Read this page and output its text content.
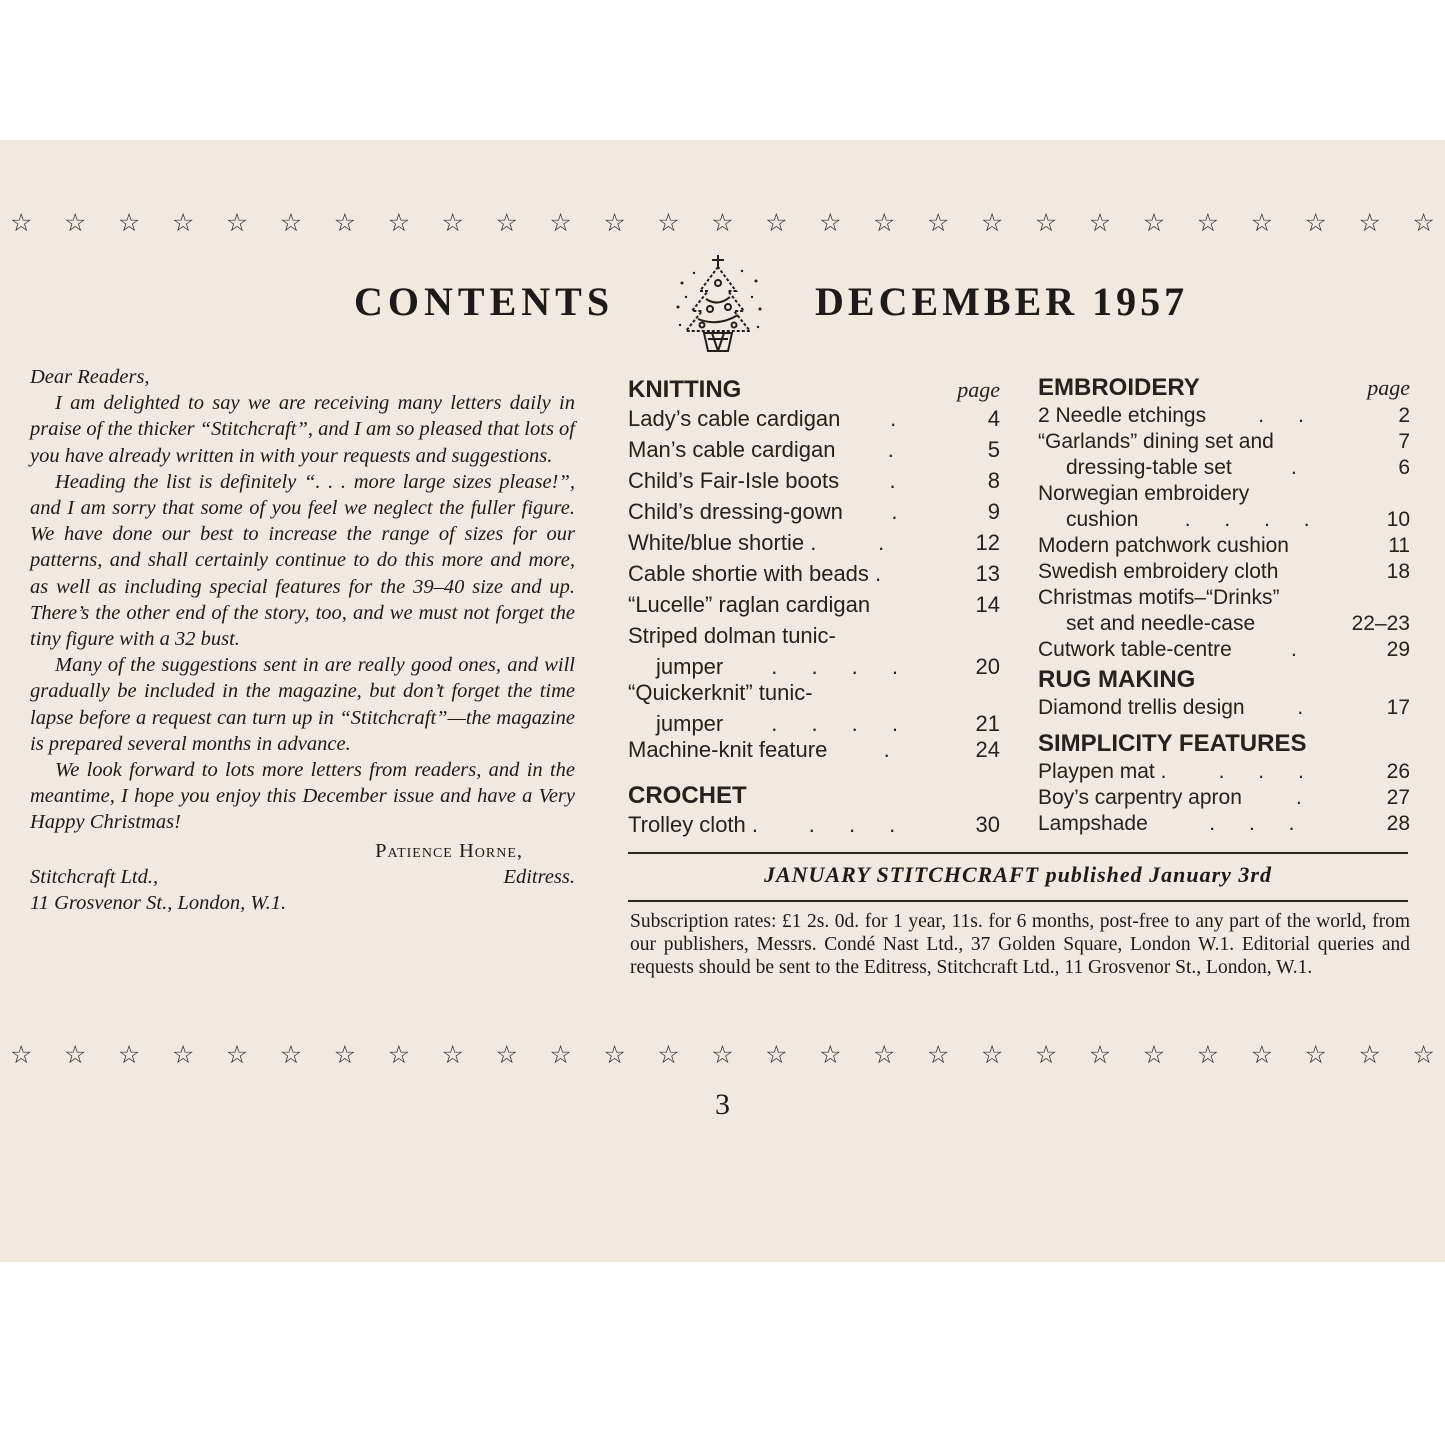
☆ ☆ ☆ ☆ ☆ ☆ ☆ ☆ ☆ ☆ ☆ ☆ ☆ ☆ ☆ ☆ ☆ ☆ ☆ ☆ ☆ ☆ ☆ ☆ ☆ ☆ ☆
CONTENTS	DECEMBER 1957

Dear Readers,

I am delighted to say we are receiving many letters daily in praise of the thicker “Stitchcraft”, and I am so pleased that lots of you have already written in with your requests and suggestions.

Heading the list is definitely “. . . more large sizes please!”, and I am sorry that some of you feel we neglect the fuller figure. We have done our best to increase the range of sizes for our patterns, and shall certainly continue to do this more and more, as well as including special features for the 39–40 size and up. There’s the other end of the story, too, and we must not forget the tiny figure with a 32 bust.

Many of the suggestions sent in are really good ones, and will gradually be included in the magazine, but don’t forget the time lapse before a request can turn up in “Stitchcraft”—the magazine is prepared several months in advance.

We look forward to lots more letters from readers, and in the meantime, I hope you enjoy this December issue and have a Very Happy Christmas!

Patience Horne,
Editress.
Stitchcraft Ltd.,
11 Grosvenor St., London, W.1.
KNITTING	page
Lady’s cable cardigan	.	4
Man’s cable cardigan	.	5
Child’s Fair-Isle boots	.	8
Child’s dressing-gown	.	9
White/blue shortie .	.	12
Cable shortie with beads .	13
“Lucelle” raglan cardigan	14
Striped dolman tunic-
jumper	. . . .	20
“Quickerknit” tunic-
jumper	. . . .	21
Machine-knit feature	.	24
CROCHET
Trolley cloth .	. . .	30
EMBROIDERY	page
2 Needle etchings	. .	2
“Garlands” dining set and	7
dressing-table set	.	6
Norwegian embroidery
cushion	. . . .	10
Modern patchwork cushion	11
Swedish embroidery cloth	18
Christmas motifs–“Drinks”
set and needle-case	22–23
Cutwork table-centre	.	29
RUG MAKING
Diamond trellis design	.	17
SIMPLICITY FEATURES
Playpen mat .	. . .	26
Boy’s carpentry apron	.	27
Lampshade	. . .	28
JANUARY STITCHCRAFT published January 3rd
Subscription rates: £1 2s. 0d. for 1 year, 11s. for 6 months, post-free to any part of the world, from our publishers, Messrs. Condé Nast Ltd., 37 Golden Square, London W.1. Editorial queries and requests should be sent to the Editress, Stitchcraft Ltd., 11 Grosvenor St., London, W.1.
☆ ☆ ☆ ☆ ☆ ☆ ☆ ☆ ☆ ☆ ☆ ☆ ☆ ☆ ☆ ☆ ☆ ☆ ☆ ☆ ☆ ☆ ☆ ☆ ☆ ☆ ☆
3
